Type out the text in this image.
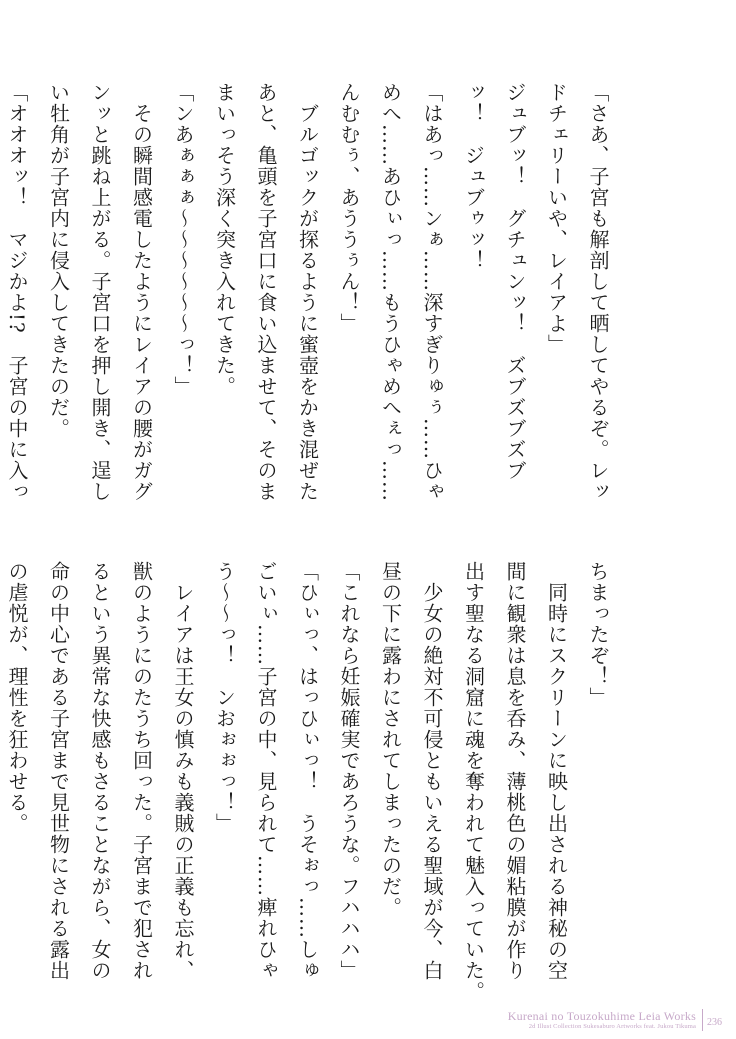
「さあ、子宮も解剖して晒してやるぞ。レッ
ドチェリーいや、レイアよ」
ジュブッ！　グチュンッ！　ズブズブズブ
ッ！　ジュブゥッ！
「はあっ……ンぁ……深すぎりゅぅ……ひゃ
めへ……あひぃっ……もうひゃめへぇっ……
んむむぅ、あううぅん！」
　ブルゴックが探るように蜜壺をかき混ぜた
あと、亀頭を子宮口に食い込ませて、そのま
まいっそう深く突き入れてきた。
「ンあぁぁぁ〜〜〜〜〜〜っ！」
　その瞬間感電したようにレイアの腰がガグ
ンッと跳ね上がる。子宮口を押し開き、逞し
い牡角が子宮内に侵入してきたのだ。
「オオオッ！　マジかよ!?　子宮の中に入っ
ちまったぞ！」
　同時にスクリーンに映し出される神秘の空
間に観衆は息を呑み、薄桃色の媚粘膜が作り
出す聖なる洞窟に魂を奪われて魅入っていた。
　少女の絶対不可侵ともいえる聖域が今、白
昼の下に露わにされてしまったのだ。
「これなら妊娠確実であろうな。フハハハ」
「ひぃっ、はっひぃっ！　うそぉっ……しゅ
ごいぃ……子宮の中、見られて……痺れひゃ
う〜〜っ！　ンおぉぉっ！」
　レイアは王女の慎みも義賊の正義も忘れ、
獣のようにのたうち回った。子宮まで犯され
るという異常な快感もさることながら、女の
命の中心である子宮まで見世物にされる露出
の虐悦が、理性を狂わせる。
Kurenai no Touzokuhime Leia Works
2d Illust Collection Sukesaburo Artworks feat. Jukou Tikuma 236
